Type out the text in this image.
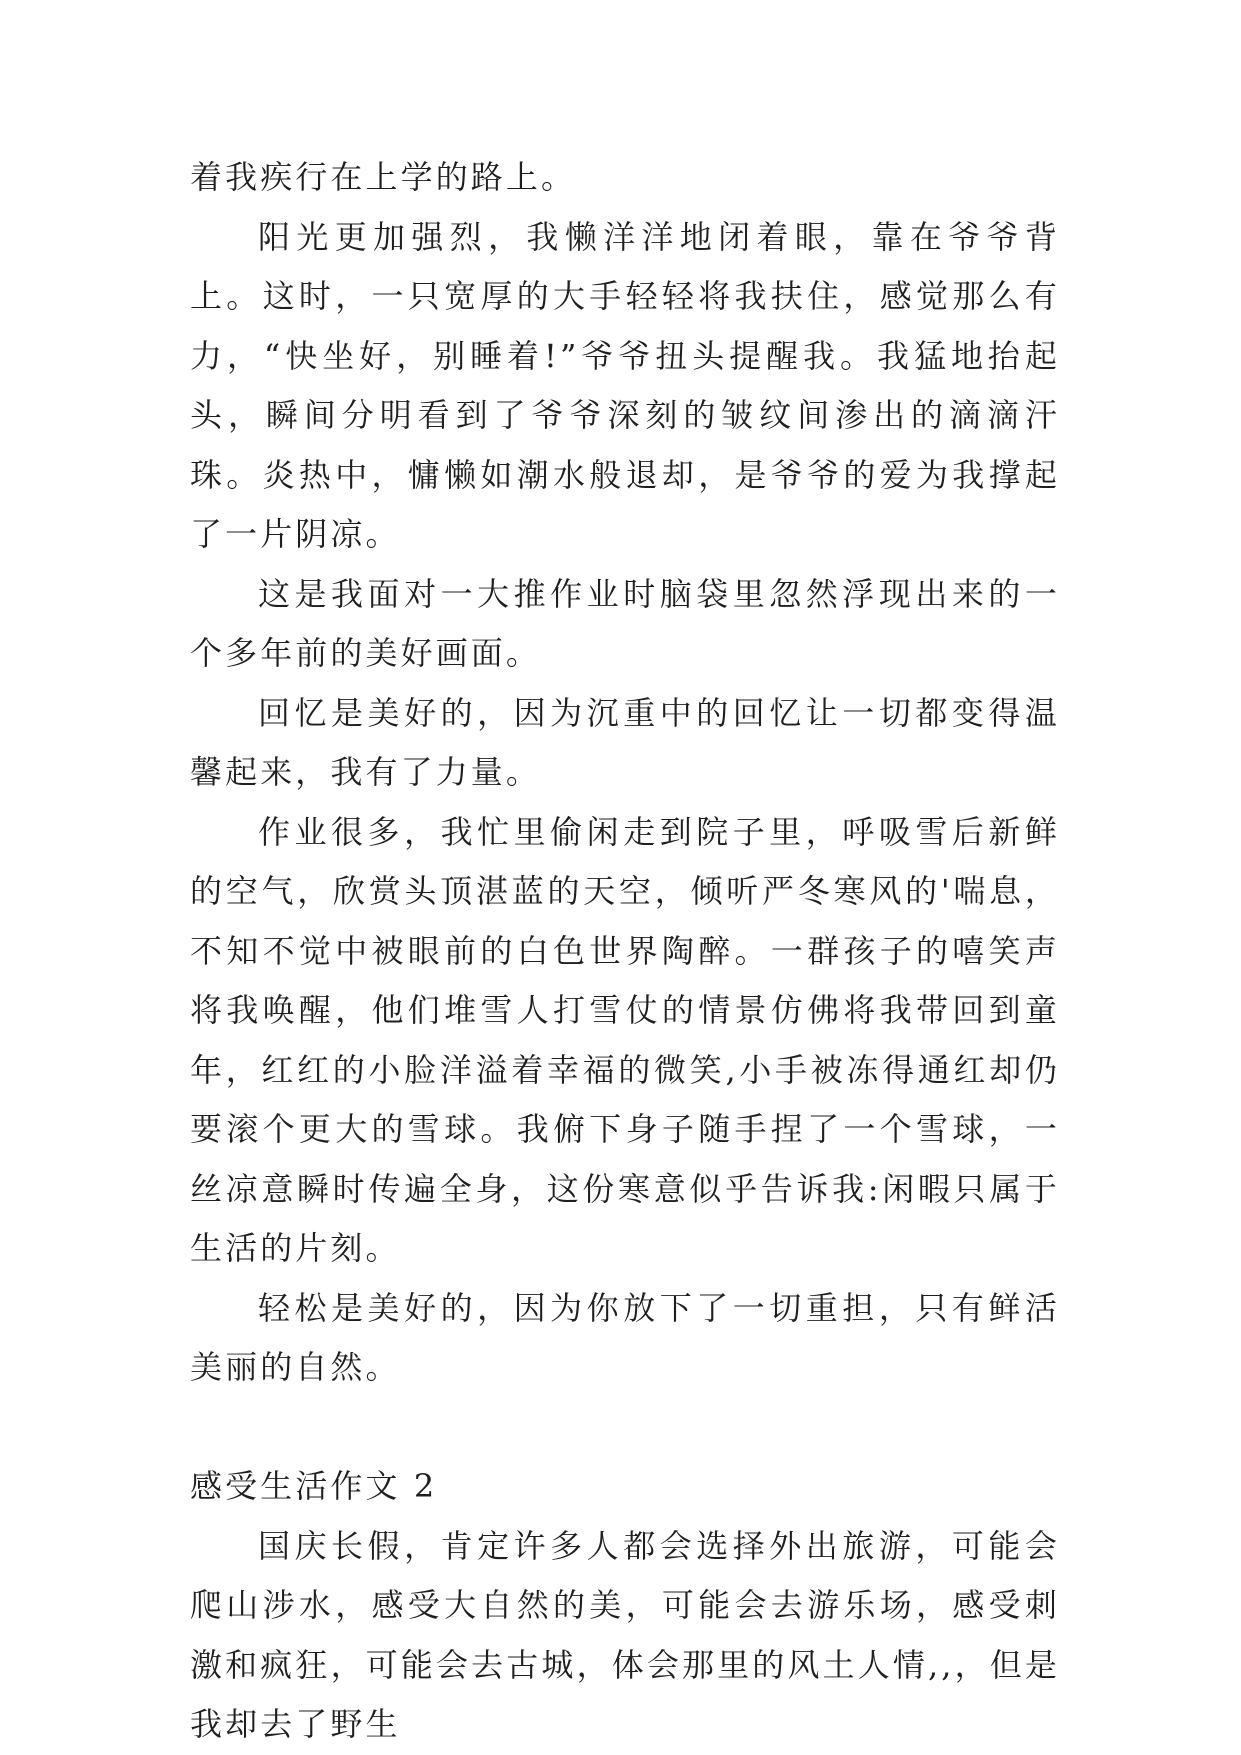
着我疾行在上学的路上。

阳光更加强烈，我懒洋洋地闭着眼，靠在爷爷背上。这时，一只宽厚的大手轻轻将我扶住，感觉那么有力，“快坐好，别睡着!”爷爷扭头提醒我。我猛地抬起头，瞬间分明看到了爷爷深刻的皱纹间渗出的滴滴汗珠。炎热中，慵懒如潮水般退却，是爷爷的爱为我撑起了一片阴凉。

这是我面对一大推作业时脑袋里忽然浮现出来的一个多年前的美好画面。

回忆是美好的，因为沉重中的回忆让一切都变得温馨起来，我有了力量。

作业很多，我忙里偷闲走到院子里，呼吸雪后新鲜的空气，欣赏头顶湛蓝的天空，倾听严冬寒风的'喘息，不知不觉中被眼前的白色世界陶醉。一群孩子的嘻笑声将我唤醒，他们堆雪人打雪仗的情景仿佛将我带回到童年，红红的小脸洋溢着幸福的微笑,小手被冻得通红却仍要滚个更大的雪球。我俯下身子随手捏了一个雪球，一丝凉意瞬时传遍全身，这份寒意似乎告诉我:闲暇只属于生活的片刻。

轻松是美好的，因为你放下了一切重担，只有鲜活美丽的自然。

感受生活作文 2

国庆长假，肯定许多人都会选择外出旅游，可能会爬山涉水，感受大自然的美，可能会去游乐场，感受刺激和疯狂，可能会去古城，体会那里的风土人情,,，但是我却去了野生
